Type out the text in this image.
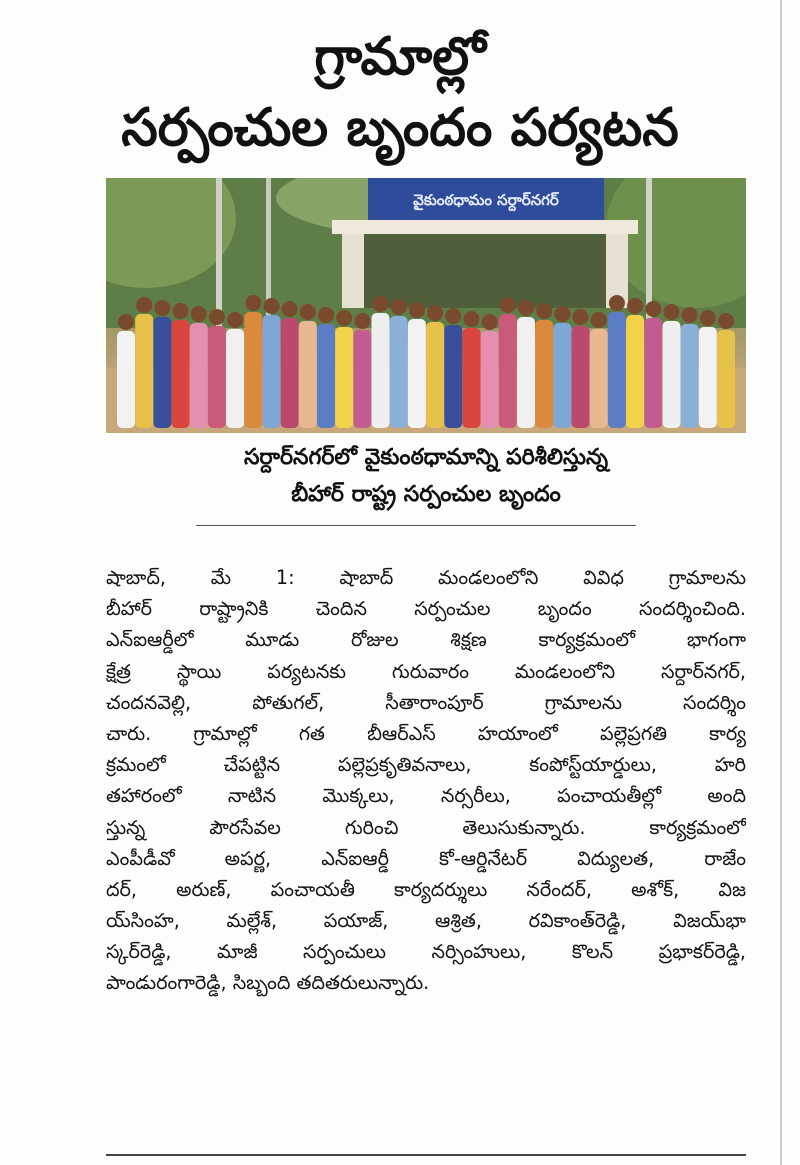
గ్రామాల్లో
సర్పంచుల బృందం పర్యటన
వైకుంఠధామం సర్దార్‌నగర్
సర్దార్‌నగర్‌లో వైకుంఠధామాన్ని పరిశీలిస్తున్న
బీహార్ రాష్ట్ర సర్పంచుల బృందం
షాబాద్, మే 1: షాబాద్ మండలంలోని వివిధ గ్రామాలను
బీహార్ రాష్ట్రానికి చెందిన సర్పంచుల బృందం సందర్శించింది.
ఎన్ఐఆర్డీలో మూడు రోజుల శిక్షణ కార్యక్రమంలో భాగంగా
క్షేత్ర స్థాయి పర్యటనకు గురువారం మండలంలోని సర్దార్‌నగర్,
చందనవెల్లి, పోతుగల్, సీతారాంపూర్ గ్రామాలను సందర్శిం
చారు. గ్రామాల్లో గత బీఆర్ఎస్ హయాంలో పల్లెప్రగతి కార్య
క్రమంలో చేపట్టిన పల్లెప్రకృతివనాలు, కంపోస్ట్‌యార్డులు, హరి
తహారంలో నాటిన మొక్కలు, నర్సరీలు, పంచాయతీల్లో అంది
స్తున్న పౌరసేవల గురించి తెలుసుకున్నారు. కార్యక్రమంలో
ఎంపీడీవో అపర్ణ, ఎన్ఐఆర్డీ కో-ఆర్డినేటర్ విద్యులత, రాజేం
దర్, అరుణ్, పంచాయతీ కార్యదర్శులు నరేందర్, అశోక్, విజ
య్‌సింహ, మల్లేశ్, పయాజ్, ఆశ్రిత, రవికాంత్‌రెడ్డి, విజయ్‌భా
స్కర్‌రెడ్డి, మాజీ సర్పంచులు నర్సింహులు, కొలన్ ప్రభాకర్‌రెడ్డి,
పాండురంగారెడ్డి, సిబ్బంది తదితరులున్నారు.
